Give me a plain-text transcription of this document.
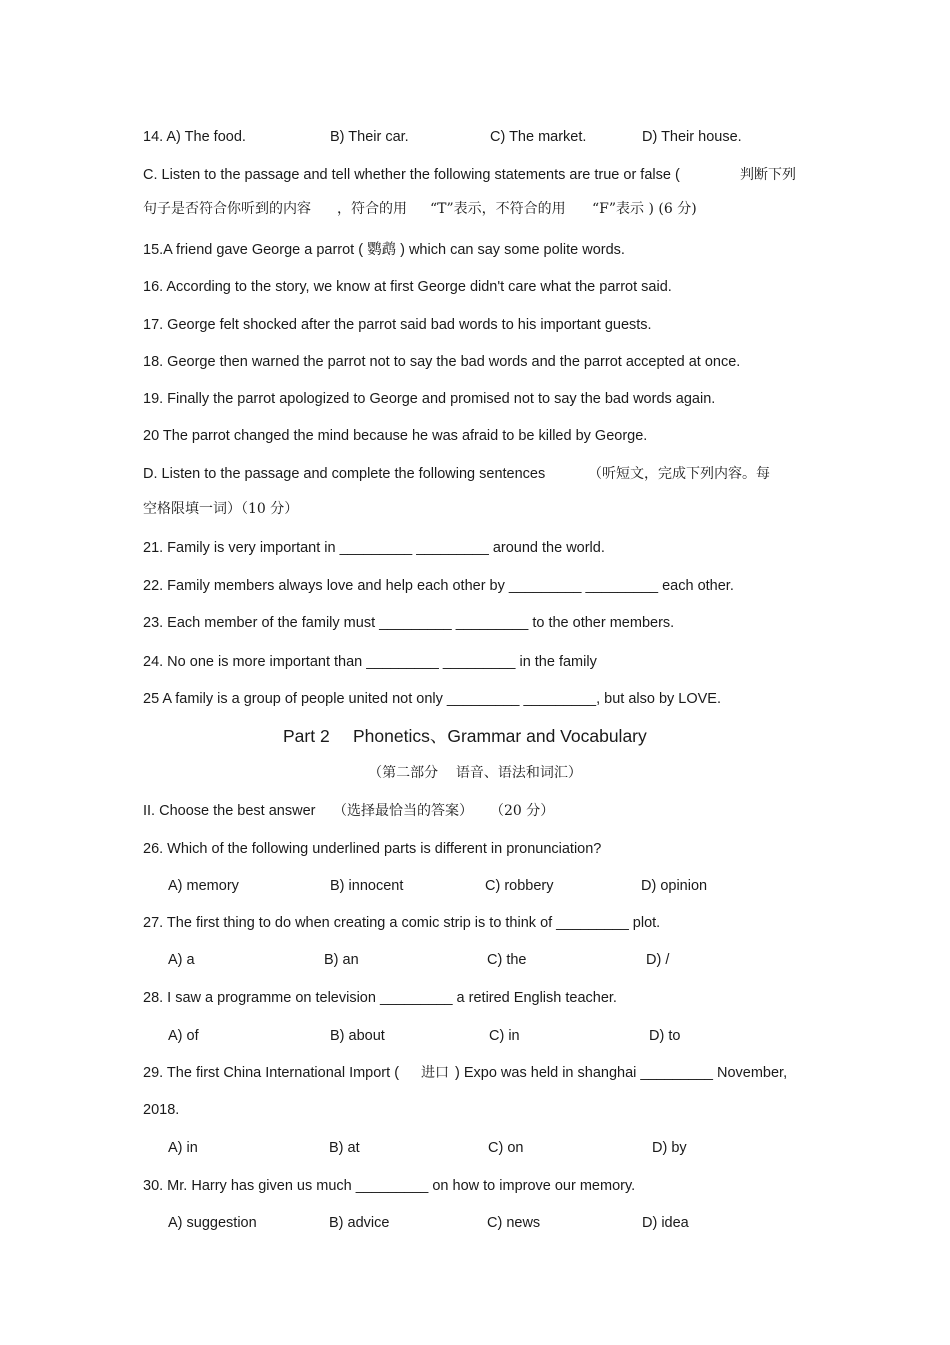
14. A) The food.	B) Their car.	C) The market.	D) Their house.
C. Listen to the passage and tell whether the following statements are true or false (	判断下列
句子是否符合你听到的内容 ，符合的用 “T”表示，不符合的用 “F”表示 ) (6 分)
15.A friend gave George a parrot ( 鹦鹉 ) which can say some polite words.
16. According to the story, we know at first George didn't care what the parrot said.
17. George felt shocked after the parrot said bad words to his important guests.
18. George then warned the parrot not to say the bad words and the parrot accepted at once.
19. Finally the parrot apologized to George and promised not to say the bad words again.
20 The parrot changed the mind because he was afraid to be killed by George.
D. Listen to the passage and complete the following sentences	（听短文，完成下列内容。每
空格限填一词）（10 分）
21. Family is very important in _________ _________ around the world.
22. Family members always love and help each other by _________ _________ each other.
23. Each member of the family must _________ _________ to the other members.
24. No one is more important than _________ _________ in the family
25 A family is a group of people united not only _________ _________, but also by LOVE.
Part 2 Phonetics、Grammar and Vocabulary
（第二部分    语音、语法和词汇）
II. Choose the best answer （选择最恰当的答案） （20 分）
26. Which of the following underlined parts is different in pronunciation?
A) memory	B) innocent	C) robbery	D) opinion
27. The first thing to do when creating a comic strip is to think of _________ plot.
A) a	B) an	C) the	D) /
28. I saw a programme on television _________ a retired English teacher.
A) of	B) about	C) in	D) to
29. The first China International Import ( 进口 ) Expo was held in shanghai _________ November,
2018.
A) in	B) at	C) on	D) by
30. Mr. Harry has given us much _________ on how to improve our memory.
A) suggestion	B) advice	C) news	D) idea
